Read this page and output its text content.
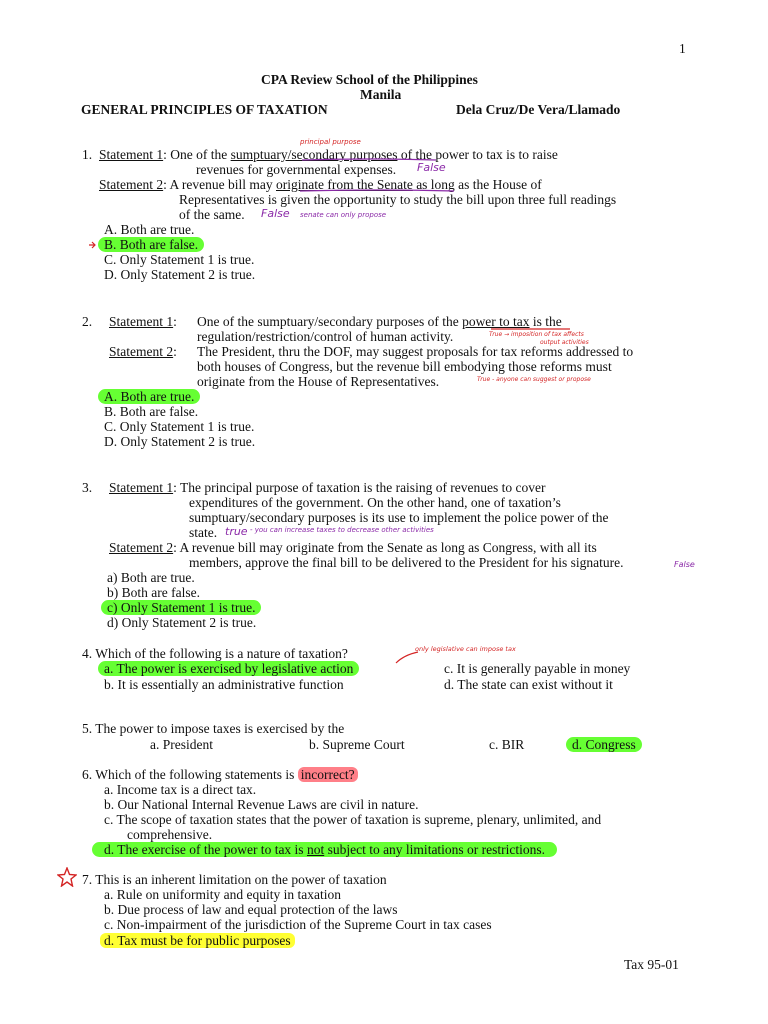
1
CPA Review School of the Philippines
Manila
GENERAL PRINCIPLES OF TAXATION	Dela Cruz/De Vera/Llamado
1. Statement 1: One of the sumptuary/secondary purposes of the power to tax is to raise
revenues for governmental expenses.
Statement 2: A revenue bill may originate from the Senate as long as the House of
Representatives is given the opportunity to study the bill upon three full readings
of the same.
A. Both are true.
B. Both are false.
C. Only Statement 1 is true.
D. Only Statement 2 is true.
2. Statement 1: One of the sumptuary/secondary purposes of the power to tax is the
regulation/restriction/control of human activity.
Statement 2: The President, thru the DOF, may suggest proposals for tax reforms addressed to
both houses of Congress, but the revenue bill embodying those reforms must
originate from the House of Representatives.
A. Both are true.
B. Both are false.
C. Only Statement 1 is true.
D. Only Statement 2 is true.
3. Statement 1: The principal purpose of taxation is the raising of revenues to cover
expenditures of the government. On the other hand, one of taxation’s
sumptuary/secondary purposes is its use to implement the police power of the
state.
Statement 2: A revenue bill may originate from the Senate as long as Congress, with all its
members, approve the final bill to be delivered to the President for his signature.
a) Both are true.
b) Both are false.
c) Only Statement 1 is true.
d) Only Statement 2 is true.
4. Which of the following is a nature of taxation?
a. The power is exercised by legislative action
b. It is essentially an administrative function
c. It is generally payable in money
d. The state can exist without it
5. The power to impose taxes is exercised by the
a. President	b. Supreme Court	c. BIR	d. Congress
6. Which of the following statements is incorrect?
a. Income tax is a direct tax.
b. Our National Internal Revenue Laws are civil in nature.
c. The scope of taxation states that the power of taxation is supreme, plenary, unlimited, and
comprehensive.
d. The exercise of the power to tax is not subject to any limitations or restrictions.
7. This is an inherent limitation on the power of taxation
a. Rule on uniformity and equity in taxation
b. Due process of law and equal protection of the laws
c. Non-impairment of the jurisdiction of the Supreme Court in tax cases
d. Tax must be for public purposes
Tax 95-01
principal purpose
False
False senate can only propose
True → imposition of tax affects
output activities
True - anyone can suggest or propose
true - you can increase taxes to decrease other activities
False
only legislative can impose tax
